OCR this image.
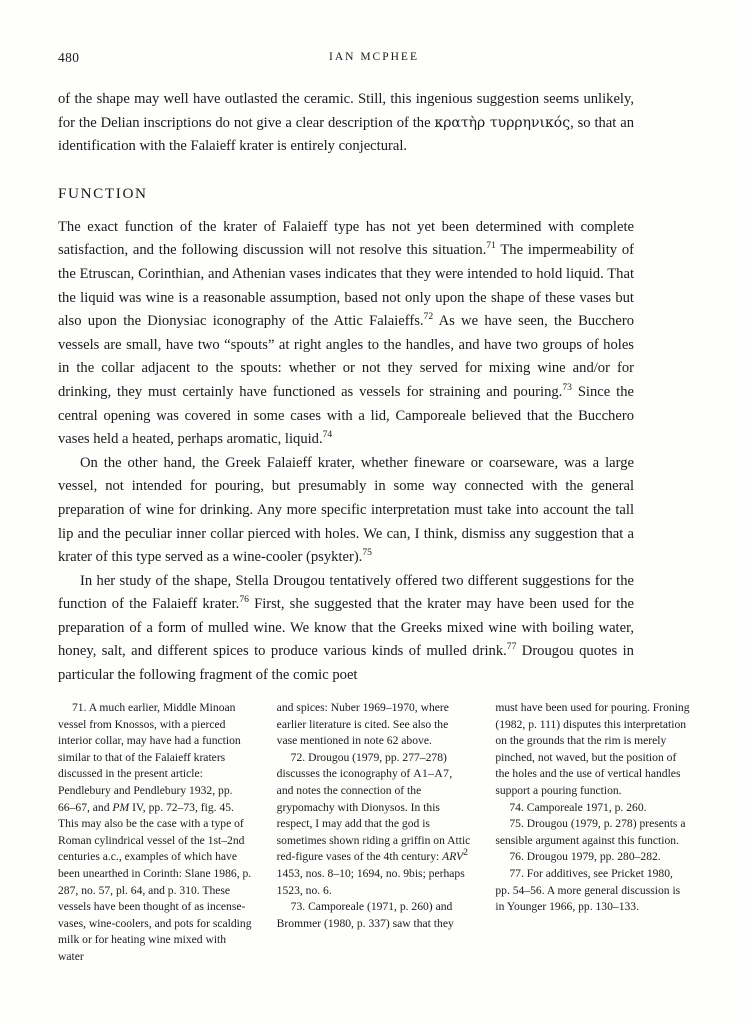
480	IAN MCPHEE

of the shape may well have outlasted the ceramic. Still, this ingenious suggestion seems unlikely, for the Delian inscriptions do not give a clear description of the κρατὴρ τυρρηνικός, so that an identification with the Falaieff krater is entirely conjectural.

FUNCTION

The exact function of the krater of Falaieff type has not yet been determined with complete satisfaction, and the following discussion will not resolve this situation.$^{71}$ The impermeability of the Etruscan, Corinthian, and Athenian vases indicates that they were intended to hold liquid. That the liquid was wine is a reasonable assumption, based not only upon the shape of these vases but also upon the Dionysiac iconography of the Attic Falaieffs.$^{72}$ As we have seen, the Bucchero vessels are small, have two “spouts” at right angles to the handles, and have two groups of holes in the collar adjacent to the spouts: whether or not they served for mixing wine and/or for drinking, they must certainly have functioned as vessels for straining and pouring.$^{73}$ Since the central opening was covered in some cases with a lid, Camporeale believed that the Bucchero vases held a heated, perhaps aromatic, liquid.$^{74}$

On the other hand, the Greek Falaieff krater, whether fineware or coarseware, was a large vessel, not intended for pouring, but presumably in some way connected with the general preparation of wine for drinking. Any more specific interpretation must take into account the tall lip and the peculiar inner collar pierced with holes. We can, I think, dismiss any suggestion that a krater of this type served as a wine-cooler (psykter).$^{75}$

In her study of the shape, Stella Drougou tentatively offered two different suggestions for the function of the Falaieff krater.$^{76}$ First, she suggested that the krater may have been used for the preparation of a form of mulled wine. We know that the Greeks mixed wine with boiling water, honey, salt, and different spices to produce various kinds of mulled drink.$^{77}$ Drougou quotes in particular the following fragment of the comic poet

71. A much earlier, Middle Minoan vessel from Knossos, with a pierced interior collar, may have had a function similar to that of the Falaieff kraters discussed in the present article: Pendlebury and Pendlebury 1932, pp. 66–67, and PM IV, pp. 72–73, fig. 45. This may also be the case with a type of Roman cylindrical vessel of the 1st–2nd centuries a.c., examples of which have been unearthed in Corinth: Slane 1986, p. 287, no. 57, pl. 64, and p. 310. These vessels have been thought of as incense-vases, wine-coolers, and pots for scalding milk or for heating wine mixed with water

and spices: Nuber 1969–1970, where earlier literature is cited. See also the vase mentioned in note 62 above.

72. Drougou (1979, pp. 277–278) discusses the iconography of A1–A7, and notes the connection of the grypomachy with Dionysos. In this respect, I may add that the god is sometimes shown riding a griffin on Attic red-figure vases of the 4th century: ARV$^2$ 1453, nos. 8–10; 1694, no. 9bis; perhaps 1523, no. 6.

73. Camporeale (1971, p. 260) and Brommer (1980, p. 337) saw that they

must have been used for pouring. Froning (1982, p. 111) disputes this interpretation on the grounds that the rim is merely pinched, not waved, but the position of the holes and the use of vertical handles support a pouring function.

74. Camporeale 1971, p. 260.

75. Drougou (1979, p. 278) presents a sensible argument against this function.

76. Drougou 1979, pp. 280–282.

77. For additives, see Pricket 1980, pp. 54–56. A more general discussion is in Younger 1966, pp. 130–133.
